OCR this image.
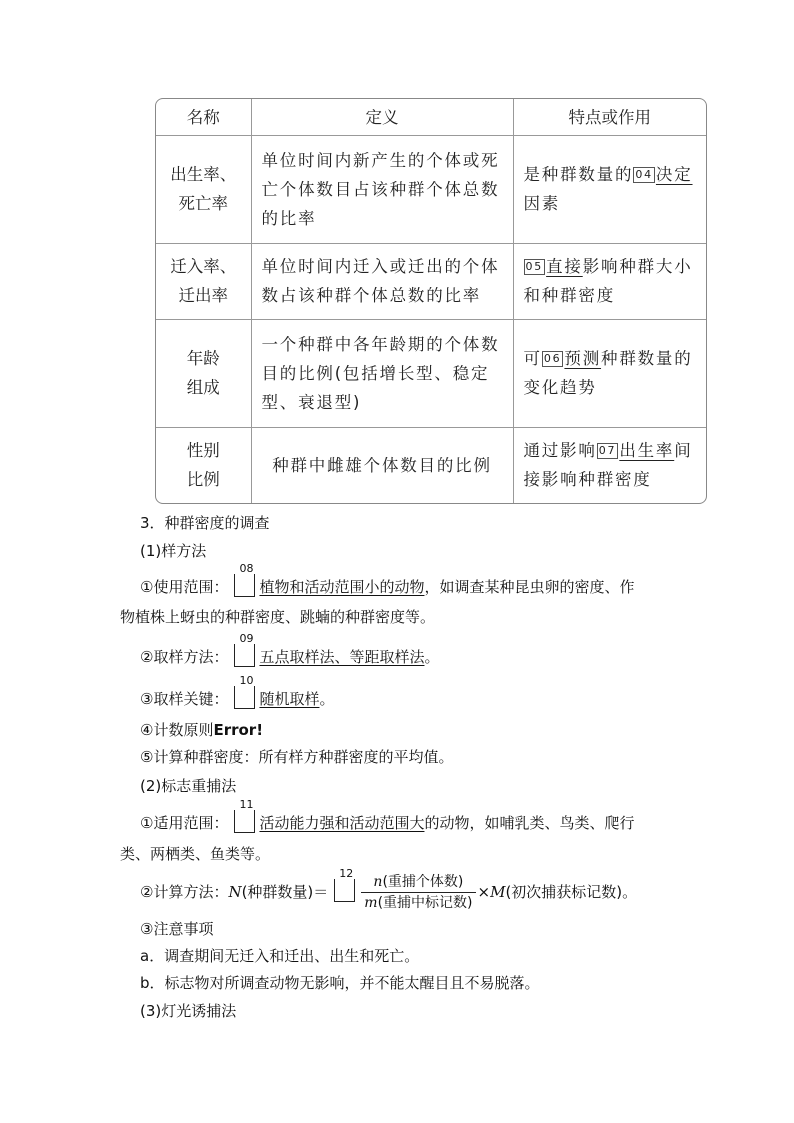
名称	定义	特点或作用
出生率、
死亡率	单位时间内新产生的个体或死亡个体数目占该种群个体总数的比率	是种群数量的 04 决定因素
迁入率、
迁出率	单位时间内迁入或迁出的个体数占该种群个体总数的比率	05 直接影响种群大小和种群密度
年龄
组成	一个种群中各年龄期的个体数目的比例(包括增长型、稳定型、衰退型)	可 06 预测种群数量的变化趋势
性别
比例	种群中雌雄个体数目的比例	通过影响 07 出生率间接影响种群密度
3．种群密度的调查
(1)样方法
①使用范围：
08
植物和活动范围小的动物，如调查某种昆虫卵的密度、作
物植株上蚜虫的种群密度、跳蝻的种群密度等。
②取样方法：
09
五点取样法、等距取样法。
③取样关键：
10
随机取样。
④计数原则Error!
⑤计算种群密度：所有样方种群密度的平均值。
(2)标志重捕法
①适用范围：
11
活动能力强和活动范围大的动物，如哺乳类、鸟类、爬行
类、两栖类、鱼类等。
②计算方法：N(种群数量)＝
$12 \frac{\text{n(重捕个体数)}}{\text{m(重捕中标记数)}} \times M$(初次捕获标记数)。
③注意事项
a．调查期间无迁入和迁出、出生和死亡。
b．标志物对所调查动物无影响，并不能太醒目且不易脱落。
(3)灯光诱捕法
